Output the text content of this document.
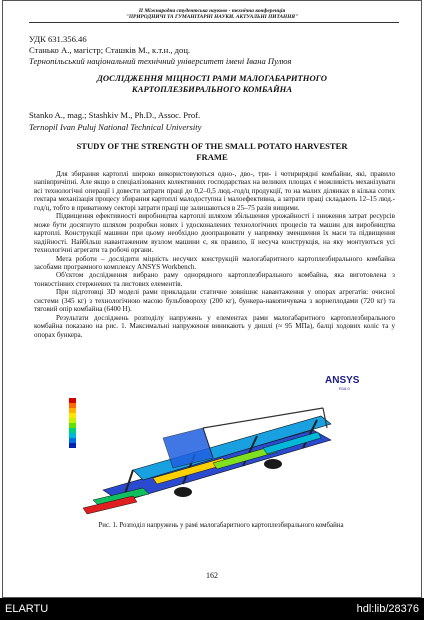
ІІ Міжнародна студентська науково - технічна конференція
"ПРИРОДНИЧІ ТА ГУМАНІТАРНІ НАУКИ. АКТУАЛЬНІ ПИТАННЯ"
УДК 631.356.46
Станько А., магістр; Сташків М., к.т.н., доц.
Тернопільський національний технічний університет імені Івана Пулюя
ДОСЛІДЖЕННЯ МІЦНОСТІ РАМИ МАЛОГАБАРИТНОГО
КАРТОПЛЕЗБИРАЛЬНОГО КОМБАЙНА
Stanko A., mag.; Stashkiv M., Ph.D., Assoc. Prof.
Ternopil Ivan Puluj National Technical University
STUDY OF THE STRENGTH OF THE SMALL POTATO HARVESTER
FRAME

Для збирання картоплі широко використовуються одно-, дво-, три- і чотирирядні комбайни, які, правило напівпричіпні. Але якщо в спеціалізованих колективних господарствах на великих площах є можливість механізувати всі технологічні операції і довести затрати праці до 0,2–0,5 люд.-год/ц продукції, то на малих ділянках в кілька сотих гектара механізація процесу збирання картоплі малодоступна і малоефективна, а затрати праці складають 12–15 люд.-год/ц, тобто в приватному секторі затрати праці ще залишаються в 25–75 разів вищими.

Підвищення ефективності виробництва картоплі шляхом збільшення урожайності і зниження затрат ресурсів може бути досягнуто шляхом розробки нових і удосконалених технологічних процесів та машин для виробництва картоплі. Конструкції машини при цьому необхідно доопрацювати у напрямку зменшення їх маси та підвищення надійності. Найбільш навантаженим вузлом машини є, як правило, її несуча конструкція, на яку монтуються усі технологічні агрегати та робочі органи.

Мета роботи – дослідити міцність несучих конструкцій малогабаритного картоплезбирального комбайна засобами програмного комплексу ANSYS Workbench.

Об'єктом дослідження вибрано раму однорядного картоплезбирального комбайна, яка виготовлена з тонкостінних стержневих та листових елементів.

При підготовці 3D моделі рами прикладали статичне зовнішнє навантаження у опорах агрегатів: очисної системи (345 кг) з технологічною масою бульбовороху (200 кг), бункера-накопичувача з корнеплодами (720 кг) та тяговий опір комбайна (6400 Н).

Результати досліджень розподілу напружень у елементах рами малогабаритного картоплезбирального комбайна показано на рис. 1. Максимальні напруження виникають у дишлі (≈ 95 МПа), балці ходових коліс та у опорах бункера.

ANSYS
R16.0
Рис. 1. Розподіл напружень у рамі малогабаритного картоплезбирального комбайна
162
ELARTU	hdl:lib/28376
